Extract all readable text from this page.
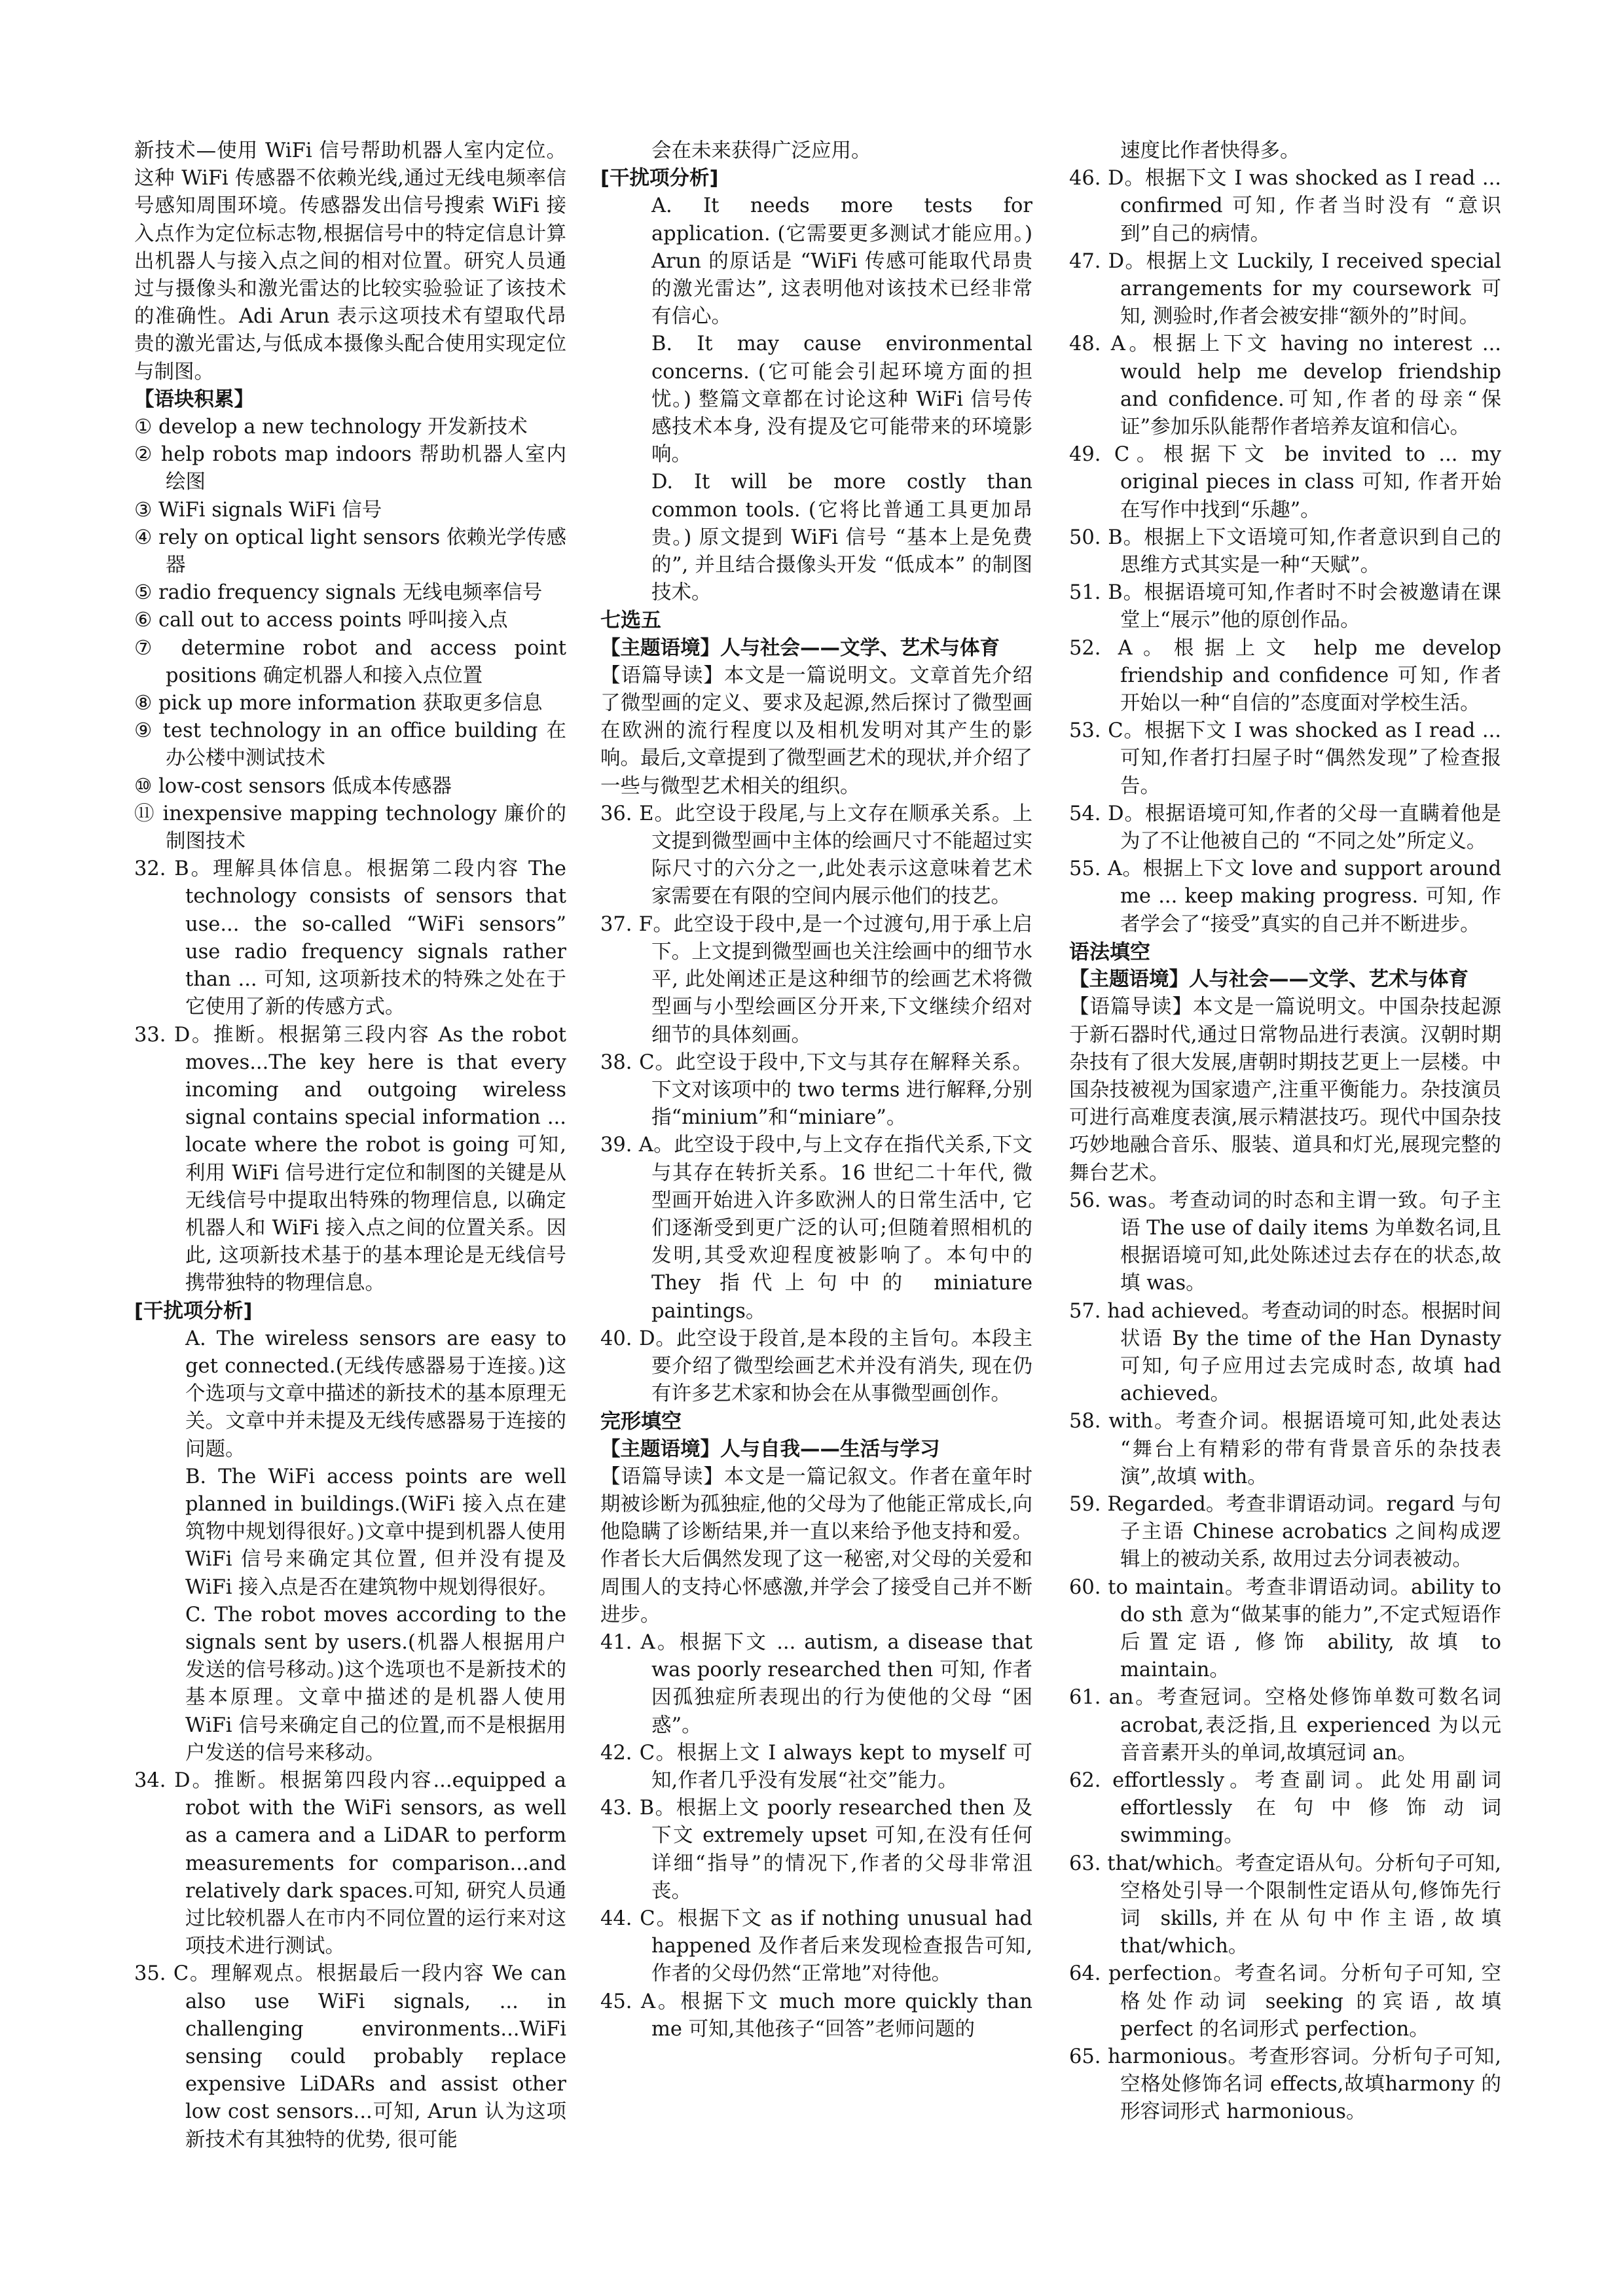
新技术—使用 WiFi 信号帮助机器人室内定位。这种 WiFi 传感器不依赖光线,通过无线电频率信号感知周围环境。传感器发出信号搜索 WiFi 接入点作为定位标志物,根据信号中的特定信息计算出机器人与接入点之间的相对位置。研究人员通过与摄像头和激光雷达的比较实验验证了该技术的准确性。Adi Arun 表示这项技术有望取代昂贵的激光雷达,与低成本摄像头配合使用实现定位与制图。
【语块积累】
① develop a new technology 开发新技术
② help robots map indoors 帮助机器人室内绘图
③ WiFi signals WiFi 信号
④ rely on optical light sensors 依赖光学传感器
⑤ radio frequency signals 无线电频率信号
⑥ call out to access points 呼叫接入点
⑦ determine robot and access point positions 确定机器人和接入点位置
⑧ pick up more information 获取更多信息
⑨ test technology in an office building 在办公楼中测试技术
⑩ low-cost sensors 低成本传感器
⑪ inexpensive mapping technology 廉价的制图技术
32. B。理解具体信息。根据第二段内容 The technology consists of sensors that use... the so-called “WiFi sensors” use radio frequency signals rather than ... 可知, 这项新技术的特殊之处在于它使用了新的传感方式。
33. D。推断。根据第三段内容 As the robot moves...The key here is that every incoming and outgoing wireless signal contains special information ... locate where the robot is going 可知, 利用 WiFi 信号进行定位和制图的关键是从无线信号中提取出特殊的物理信息, 以确定机器人和 WiFi 接入点之间的位置关系。因此, 这项新技术基于的基本理论是无线信号携带独特的物理信息。
[干扰项分析]
A. The wireless sensors are easy to get connected.(无线传感器易于连接。)这个选项与文章中描述的新技术的基本原理无关。文章中并未提及无线传感器易于连接的问题。
B. The WiFi access points are well planned in buildings.(WiFi 接入点在建筑物中规划得很好。)文章中提到机器人使用 WiFi 信号来确定其位置, 但并没有提及 WiFi 接入点是否在建筑物中规划得很好。
C. The robot moves according to the signals sent by users.(机器人根据用户发送的信号移动。)这个选项也不是新技术的基本原理。文章中描述的是机器人使用 WiFi 信号来确定自己的位置,而不是根据用户发送的信号来移动。
34. D。推断。根据第四段内容...equipped a robot with the WiFi sensors, as well as a camera and a LiDAR to perform measurements for comparison...and relatively dark spaces.可知, 研究人员通过比较机器人在市内不同位置的运行来对这项技术进行测试。
35. C。理解观点。根据最后一段内容 We can also use WiFi signals, ... in challenging environments...WiFi sensing could probably replace expensive LiDARs and assist other low cost sensors...可知, Arun 认为这项新技术有其独特的优势, 很可能
会在未来获得广泛应用。
[干扰项分析]
A. It needs more tests for application. (它需要更多测试才能应用。) Arun 的原话是 “WiFi 传感可能取代昂贵的激光雷达”, 这表明他对该技术已经非常有信心。
B. It may cause environmental concerns. (它可能会引起环境方面的担忧。) 整篇文章都在讨论这种 WiFi 信号传感技术本身, 没有提及它可能带来的环境影响。
D. It will be more costly than common tools. (它将比普通工具更加昂贵。) 原文提到 WiFi 信号 “基本上是免费的”, 并且结合摄像头开发 “低成本” 的制图技术。
七选五
【主题语境】人与社会——文学、艺术与体育
【语篇导读】本文是一篇说明文。文章首先介绍了微型画的定义、要求及起源,然后探讨了微型画在欧洲的流行程度以及相机发明对其产生的影响。最后,文章提到了微型画艺术的现状,并介绍了一些与微型艺术相关的组织。
36. E。此空设于段尾,与上文存在顺承关系。上文提到微型画中主体的绘画尺寸不能超过实际尺寸的六分之一,此处表示这意味着艺术家需要在有限的空间内展示他们的技艺。
37. F。此空设于段中,是一个过渡句,用于承上启下。上文提到微型画也关注绘画中的细节水平, 此处阐述正是这种细节的绘画艺术将微型画与小型绘画区分开来,下文继续介绍对细节的具体刻画。
38. C。此空设于段中,下文与其存在解释关系。下文对该项中的 two terms 进行解释,分别指“minium”和“miniare”。
39. A。此空设于段中,与上文存在指代关系,下文与其存在转折关系。16 世纪二十年代, 微型画开始进入许多欧洲人的日常生活中, 它们逐渐受到更广泛的认可;但随着照相机的发明,其受欢迎程度被影响了。本句中的 They 指代上句中的 miniature paintings。
40. D。此空设于段首,是本段的主旨句。本段主要介绍了微型绘画艺术并没有消失, 现在仍有许多艺术家和协会在从事微型画创作。
完形填空
【主题语境】人与自我——生活与学习
【语篇导读】本文是一篇记叙文。作者在童年时期被诊断为孤独症,他的父母为了他能正常成长,向他隐瞒了诊断结果,并一直以来给予他支持和爱。作者长大后偶然发现了这一秘密,对父母的关爱和周围人的支持心怀感激,并学会了接受自己并不断进步。
41. A。根据下文 ... autism, a disease that was poorly researched then 可知, 作者因孤独症所表现出的行为使他的父母 “困惑”。
42. C。根据上文 I always kept to myself 可知,作者几乎没有发展“社交”能力。
43. B。根据上文 poorly researched then 及下文 extremely upset 可知,在没有任何详细“指导”的情况下,作者的父母非常沮丧。
44. C。根据下文 as if nothing unusual had happened 及作者后来发现检查报告可知,作者的父母仍然“正常地”对待他。
45. A。根据下文 much more quickly than me 可知,其他孩子“回答”老师问题的
速度比作者快得多。
46. D。根据下文 I was shocked as I read ... confirmed 可知, 作者当时没有 “意识到”自己的病情。
47. D。根据上文 Luckily, I received special arrangements for my coursework 可知, 测验时,作者会被安排“额外的”时间。
48. A。根据上下文 having no interest ... would help me develop friendship and confidence.可知,作者的母亲“保证”参加乐队能帮作者培养友谊和信心。
49. C。根据下文 be invited to ... my original pieces in class 可知, 作者开始在写作中找到“乐趣”。
50. B。根据上下文语境可知,作者意识到自己的思维方式其实是一种“天赋”。
51. B。根据语境可知,作者时不时会被邀请在课堂上“展示”他的原创作品。
52. A。根据上文 help me develop friendship and confidence 可知, 作者开始以一种“自信的”态度面对学校生活。
53. C。根据下文 I was shocked as I read ... 可知,作者打扫屋子时“偶然发现”了检查报告。
54. D。根据语境可知,作者的父母一直瞒着他是为了不让他被自己的 “不同之处”所定义。
55. A。根据上下文 love and support around me ... keep making progress. 可知, 作者学会了“接受”真实的自己并不断进步。
语法填空
【主题语境】人与社会——文学、艺术与体育
【语篇导读】本文是一篇说明文。中国杂技起源于新石器时代,通过日常物品进行表演。汉朝时期杂技有了很大发展,唐朝时期技艺更上一层楼。中国杂技被视为国家遗产,注重平衡能力。杂技演员可进行高难度表演,展示精湛技巧。现代中国杂技巧妙地融合音乐、服装、道具和灯光,展现完整的舞台艺术。
56. was。考查动词的时态和主谓一致。句子主语 The use of daily items 为单数名词,且根据语境可知,此处陈述过去存在的状态,故填 was。
57. had achieved。考查动词的时态。根据时间状语 By the time of the Han Dynasty 可知, 句子应用过去完成时态, 故填 had achieved。
58. with。考查介词。根据语境可知,此处表达 “舞台上有精彩的带有背景音乐的杂技表演”,故填 with。
59. Regarded。考查非谓语动词。regard 与句子主语 Chinese acrobatics 之间构成逻辑上的被动关系, 故用过去分词表被动。
60. to maintain。考查非谓语动词。ability to do sth 意为“做某事的能力”,不定式短语作后置定语, 修饰 ability, 故填 to maintain。
61. an。考查冠词。空格处修饰单数可数名词 acrobat,表泛指,且 experienced 为以元音音素开头的单词,故填冠词 an。
62. effortlessly。考查副词。此处用副词 effortlessly 在句中修饰动词 swimming。
63. that/which。考查定语从句。分析句子可知,空格处引导一个限制性定语从句,修饰先行词 skills,并在从句中作主语,故填 that/which。
64. perfection。考查名词。分析句子可知, 空格处作动词 seeking 的宾语, 故填 perfect 的名词形式 perfection。
65. harmonious。考查形容词。分析句子可知,空格处修饰名词 effects,故填harmony 的形容词形式 harmonious。
